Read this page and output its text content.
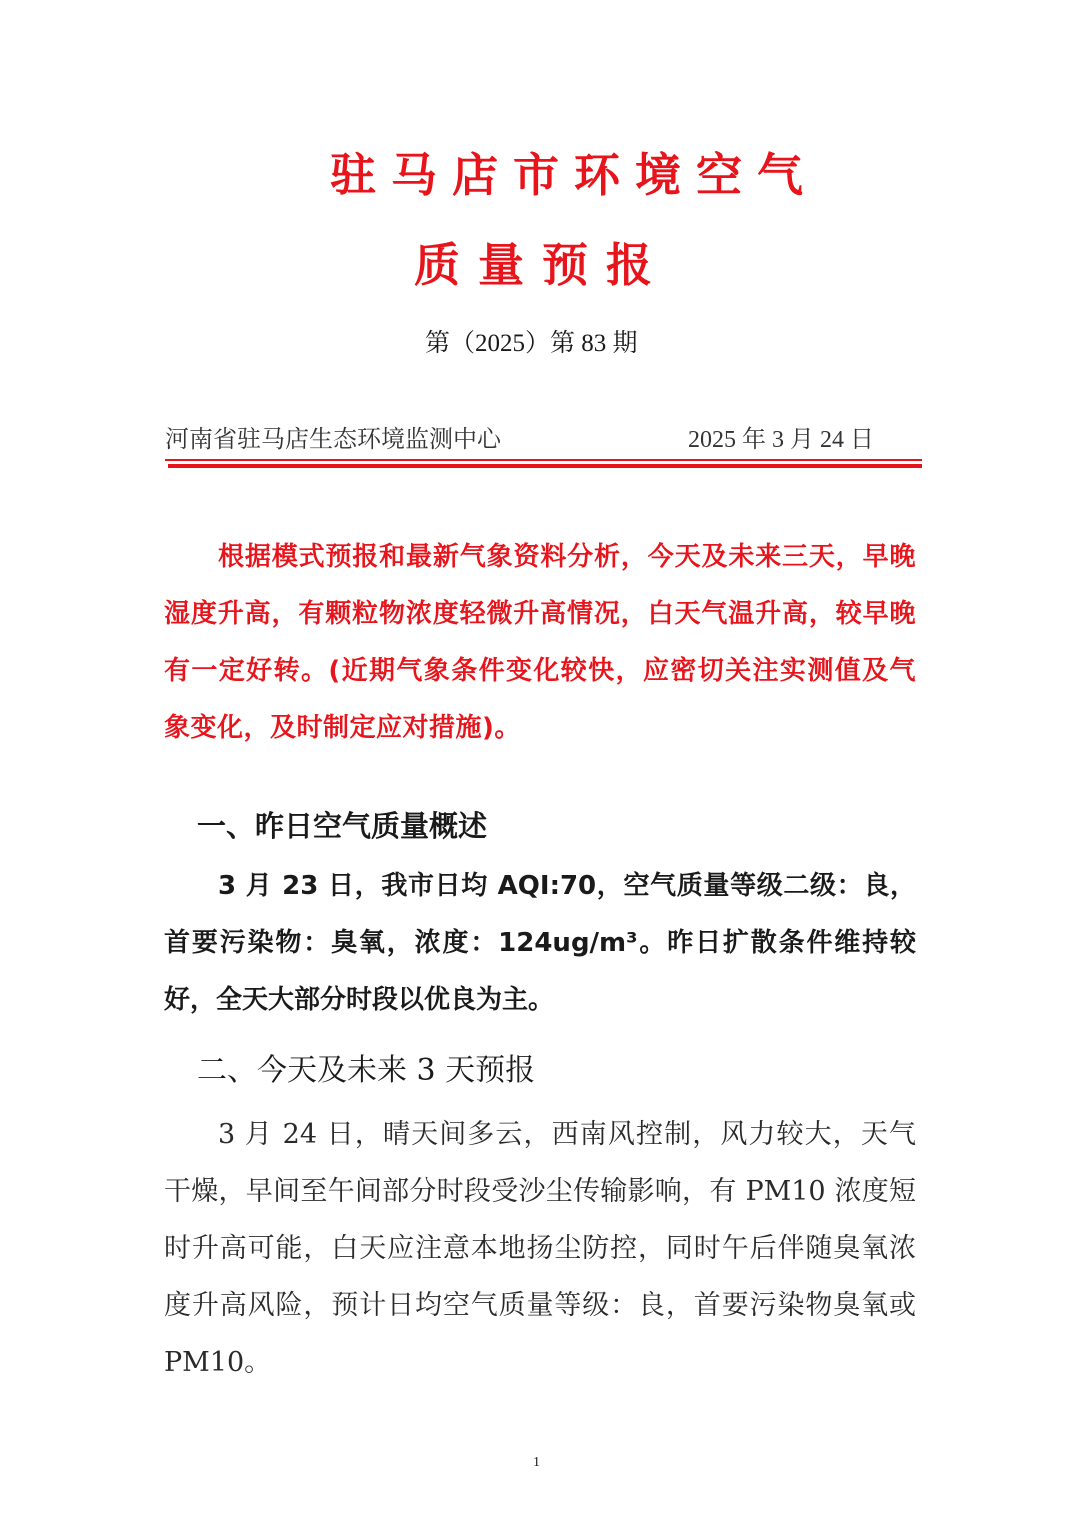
驻马店市环境空气
质量预报
第（2025）第 83 期
河南省驻马店生态环境监测中心	2025 年 3 月 24 日
根据模式预报和最新气象资料分析，今天及未来三天，早晚湿度升高，有颗粒物浓度轻微升高情况，白天气温升高，较早晚有一定好转。(近期气象条件变化较快，应密切关注实测值及气象变化，及时制定应对措施)。
一、昨日空气质量概述
3 月 23 日，我市日均 AQI:70，空气质量等级二级：良，首要污染物：臭氧，浓度：124ug/m³。昨日扩散条件维持较好，全天大部分时段以优良为主。
二、今天及未来 3 天预报
3 月 24 日，晴天间多云，西南风控制，风力较大，天气干燥，早间至午间部分时段受沙尘传输影响，有 PM10 浓度短时升高可能，白天应注意本地扬尘防控，同时午后伴随臭氧浓度升高风险，预计日均空气质量等级：良，首要污染物臭氧或 PM10。
1
